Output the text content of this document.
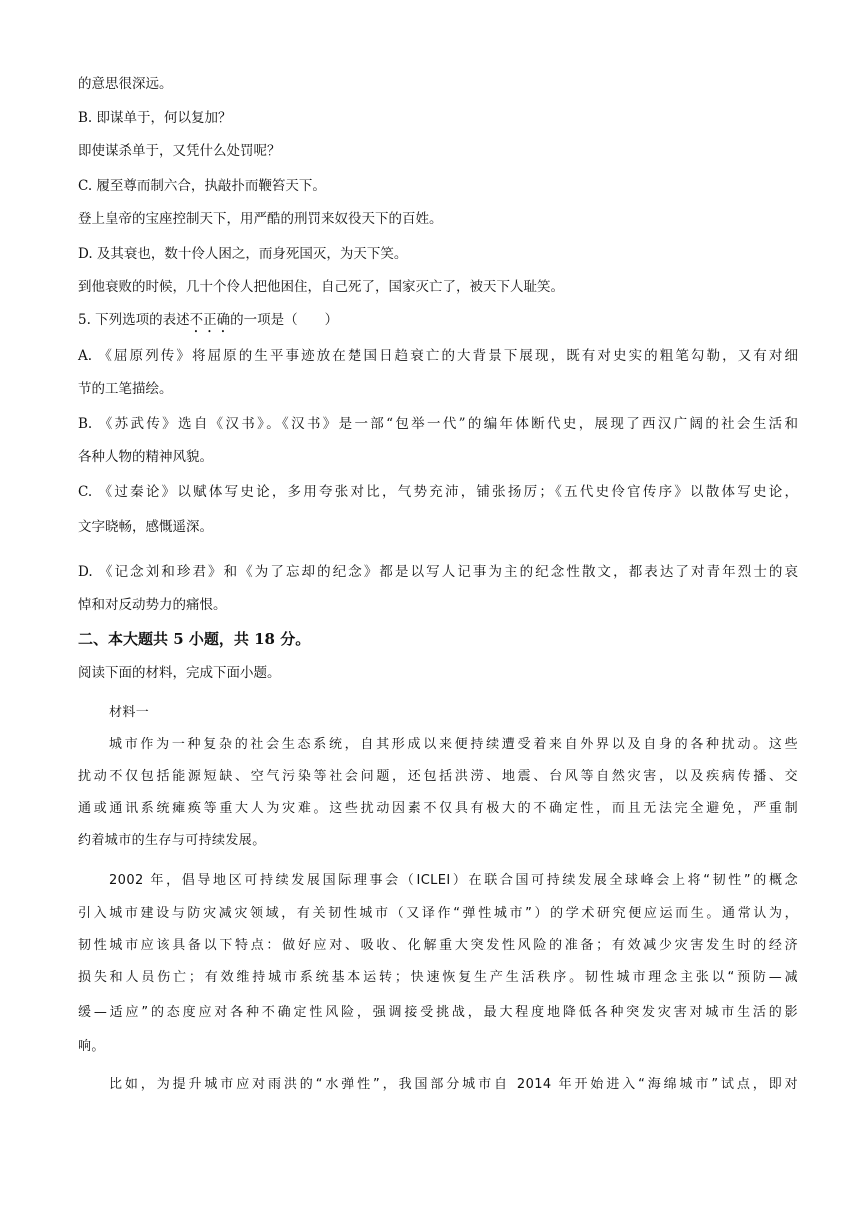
的意思很深远。
B. 即谋单于，何以复加？
即使谋杀单于，又凭什么处罚呢？
C. 履至尊而制六合，执敲扑而鞭笞天下。
登上皇帝的宝座控制天下，用严酷的刑罚来奴役天下的百姓。
D. 及其衰也，数十伶人困之，而身死国灭，为天下笑。
到他衰败的时候，几十个伶人把他困住，自己死了，国家灭亡了，被天下人耻笑。
5. 下列选项的表述不正确的一项是（　　）
A. 《屈原列传》将屈原的生平事迹放在楚国日趋衰亡的大背景下展现，既有对史实的粗笔勾勒，又有对细
节的工笔描绘。
B. 《苏武传》选自《汉书》。《汉书》是一部“包举一代”的编年体断代史，展现了西汉广阔的社会生活和
各种人物的精神风貌。
C. 《过秦论》以赋体写史论，多用夸张对比，气势充沛，铺张扬厉；《五代史伶官传序》以散体写史论，
文字晓畅，感慨遥深。
D. 《记念刘和珍君》和《为了忘却的纪念》都是以写人记事为主的纪念性散文，都表达了对青年烈士的哀
悼和对反动势力的痛恨。
二、本大题共 5 小题，共 18 分。
阅读下面的材料，完成下面小题。
材料一
城市作为一种复杂的社会生态系统，自其形成以来便持续遭受着来自外界以及自身的各种扰动。这些
扰动不仅包括能源短缺、空气污染等社会问题，还包括洪涝、地震、台风等自然灾害，以及疾病传播、交
通或通讯系统瘫痪等重大人为灾难。这些扰动因素不仅具有极大的不确定性，而且无法完全避免，严重制
约着城市的生存与可持续发展。
2002 年，倡导地区可持续发展国际理事会（ICLEI）在联合国可持续发展全球峰会上将“韧性”的概念
引入城市建设与防灾减灾领域，有关韧性城市（又译作“弹性城市”）的学术研究便应运而生。通常认为，
韧性城市应该具备以下特点：做好应对、吸收、化解重大突发性风险的准备；有效减少灾害发生时的经济
损失和人员伤亡；有效维持城市系统基本运转；快速恢复生产生活秩序。韧性城市理念主张以“预防—减
缓—适应”的态度应对各种不确定性风险，强调接受挑战，最大程度地降低各种突发灾害对城市生活的影
响。
比如，为提升城市应对雨洪的“水弹性”，我国部分城市自 2014 年开始进入“海绵城市”试点，即对
